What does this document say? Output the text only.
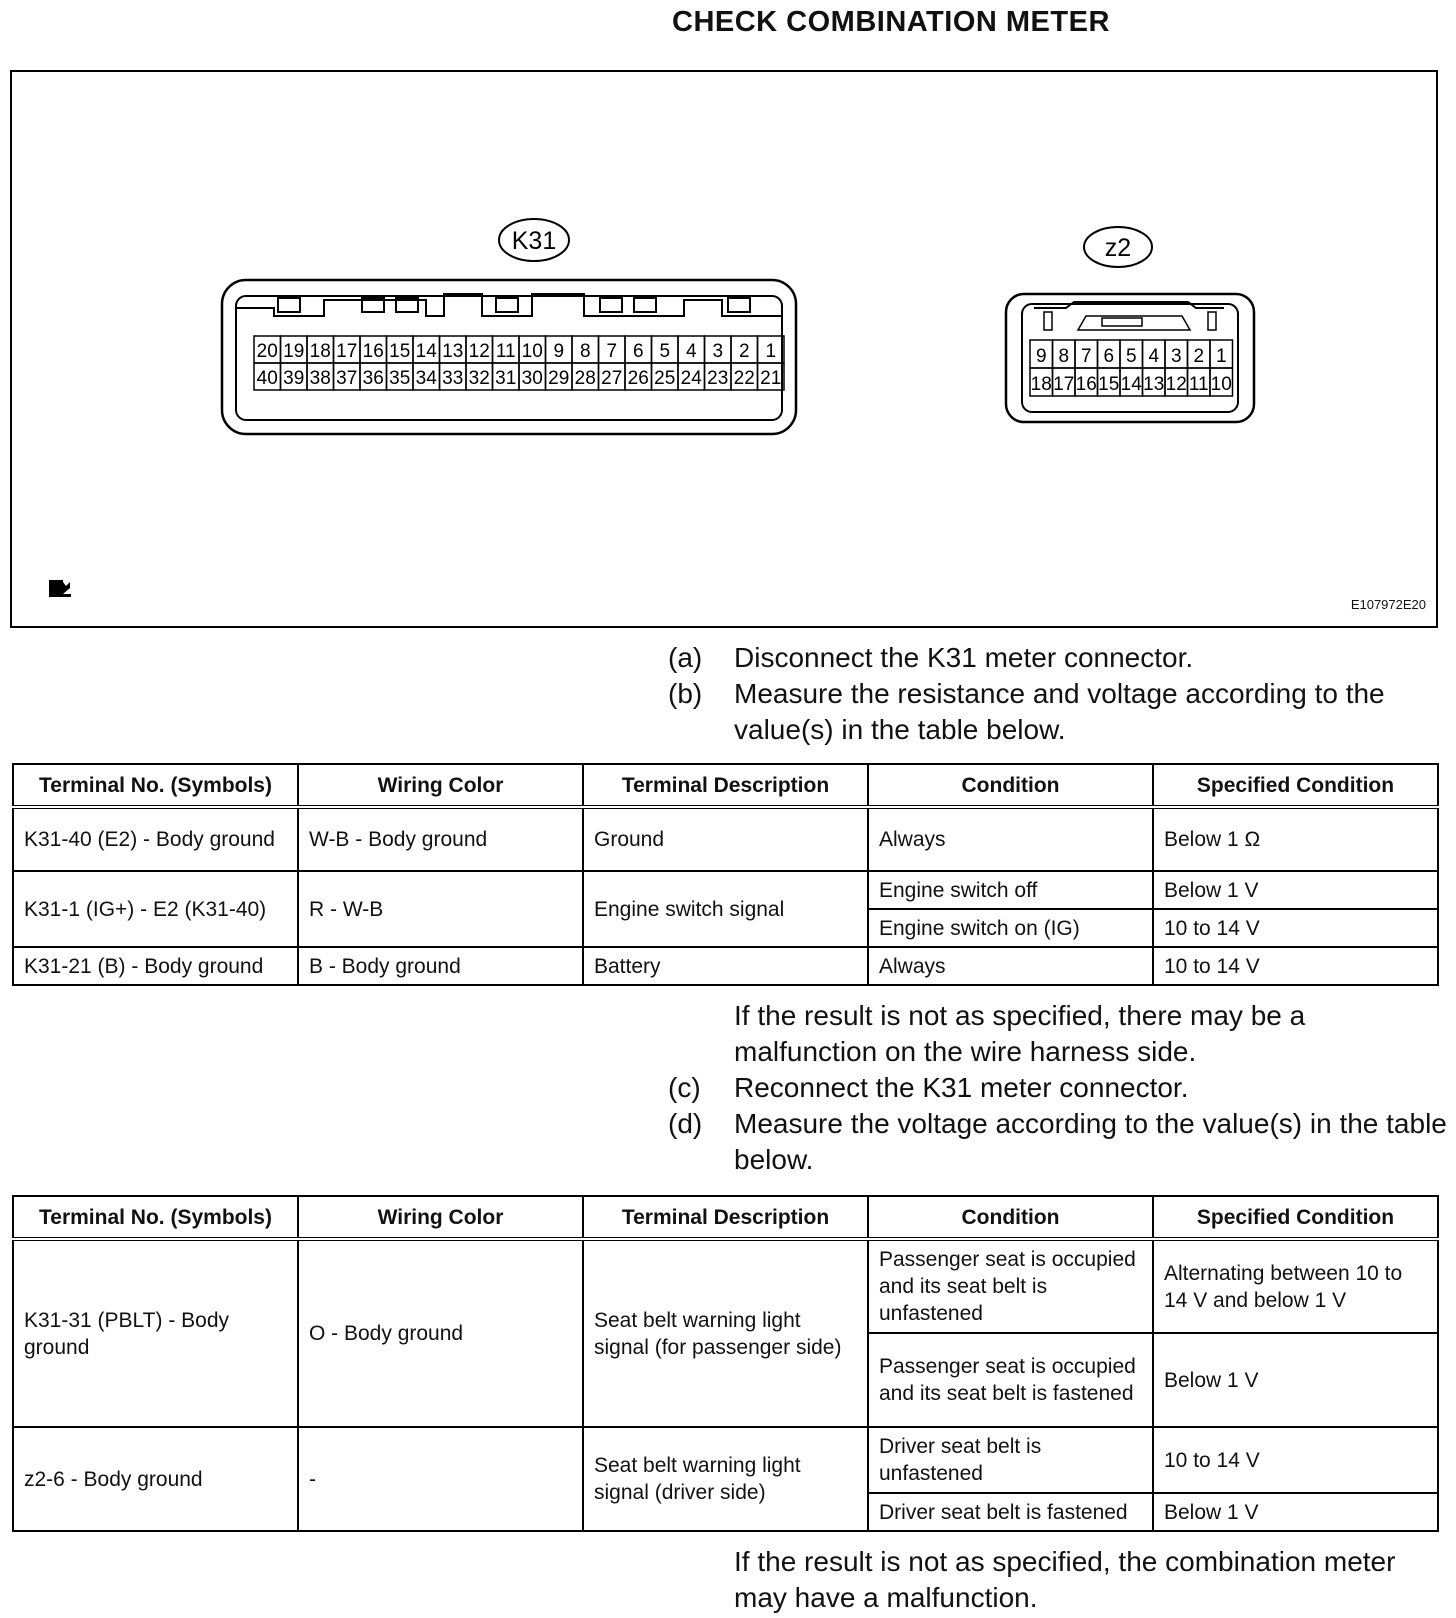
CHECK COMBINATION METER
K31
20 19 18 17 16 15 14 13 12 11 10 9 8 7 6 5 4 3 2 1
40 39 38 37 36 35 34 33 32 31 30 29 28 27 26 25 24 23 22 21
z2
9 8 7 6 5 4 3 2 1
18 17 16 15 14 13 12 11 10
E107972E20
(a)	Disconnect the K31 meter connector.
(b)	Measure the resistance and voltage according to the value(s) in the table below.
Terminal No. (Symbols)	Wiring Color	Terminal Description	Condition	Specified Condition
K31-40 (E2) - Body ground	W-B - Body ground	Ground	Always	Below 1 Ω
K31-1 (IG+) - E2 (K31-40)	R - W-B	Engine switch signal	Engine switch off	Below 1 V
			Engine switch on (IG)	10 to 14 V
K31-21 (B) - Body ground	B - Body ground	Battery	Always	10 to 14 V
If the result is not as specified, there may be a malfunction on the wire harness side.
(c)	Reconnect the K31 meter connector.
(d)	Measure the voltage according to the value(s) in the table below.
Terminal No. (Symbols)	Wiring Color	Terminal Description	Condition	Specified Condition
K31-31 (PBLT) - Body ground	O - Body ground	Seat belt warning light signal (for passenger side)	Passenger seat is occupied and its seat belt is unfastened	Alternating between 10 to 14 V and below 1 V
			Passenger seat is occupied and its seat belt is fastened	Below 1 V
z2-6 - Body ground	-	Seat belt warning light signal (driver side)	Driver seat belt is unfastened	10 to 14 V
			Driver seat belt is fastened	Below 1 V
If the result is not as specified, the combination meter may have a malfunction.
